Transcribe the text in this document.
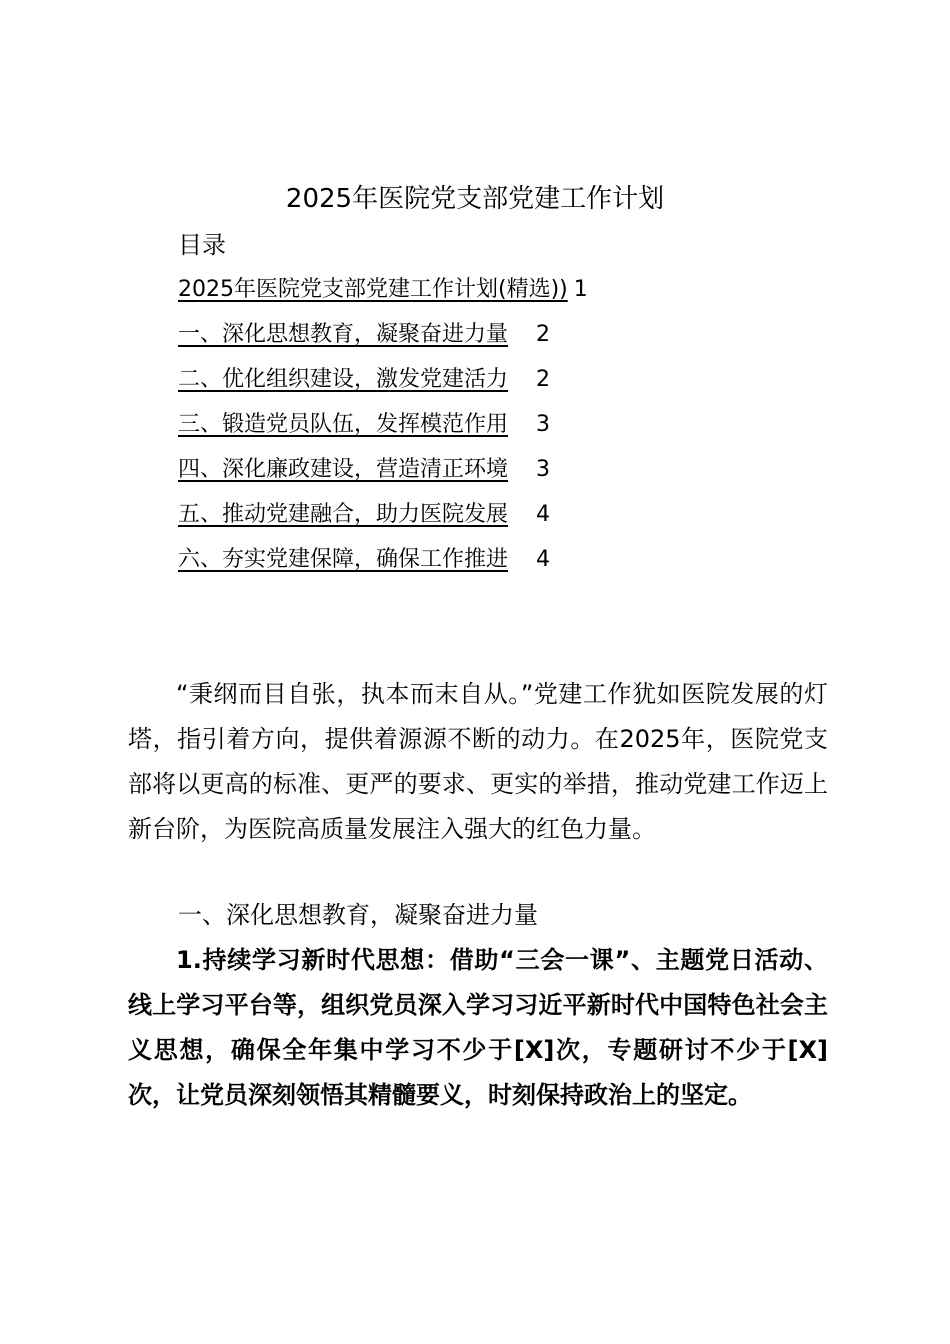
2025年医院党支部党建工作计划
目录
2025年医院党支部党建工作计划(精选)) 1
一、深化思想教育，凝聚奋进力量 2
二、优化组织建设，激发党建活力 2
三、锻造党员队伍，发挥模范作用 3
四、深化廉政建设，营造清正环境 3
五、推动党建融合，助力医院发展 4
六、夯实党建保障，确保工作推进 4
“秉纲而目自张，执本而末自从。”党建工作犹如医院发展的灯塔，指引着方向，提供着源源不断的动力。在2025年，医院党支部将以更高的标准、更严的要求、更实的举措，推动党建工作迈上新台阶，为医院高质量发展注入强大的红色力量。
一、深化思想教育，凝聚奋进力量
1.持续学习新时代思想：借助“三会一课”、主题党日活动、线上学习平台等，组织党员深入学习习近平新时代中国特色社会主义思想，确保全年集中学习不少于[X]次，专题研讨不少于[X]次，让党员深刻领悟其精髓要义，时刻保持政治上的坚定。
